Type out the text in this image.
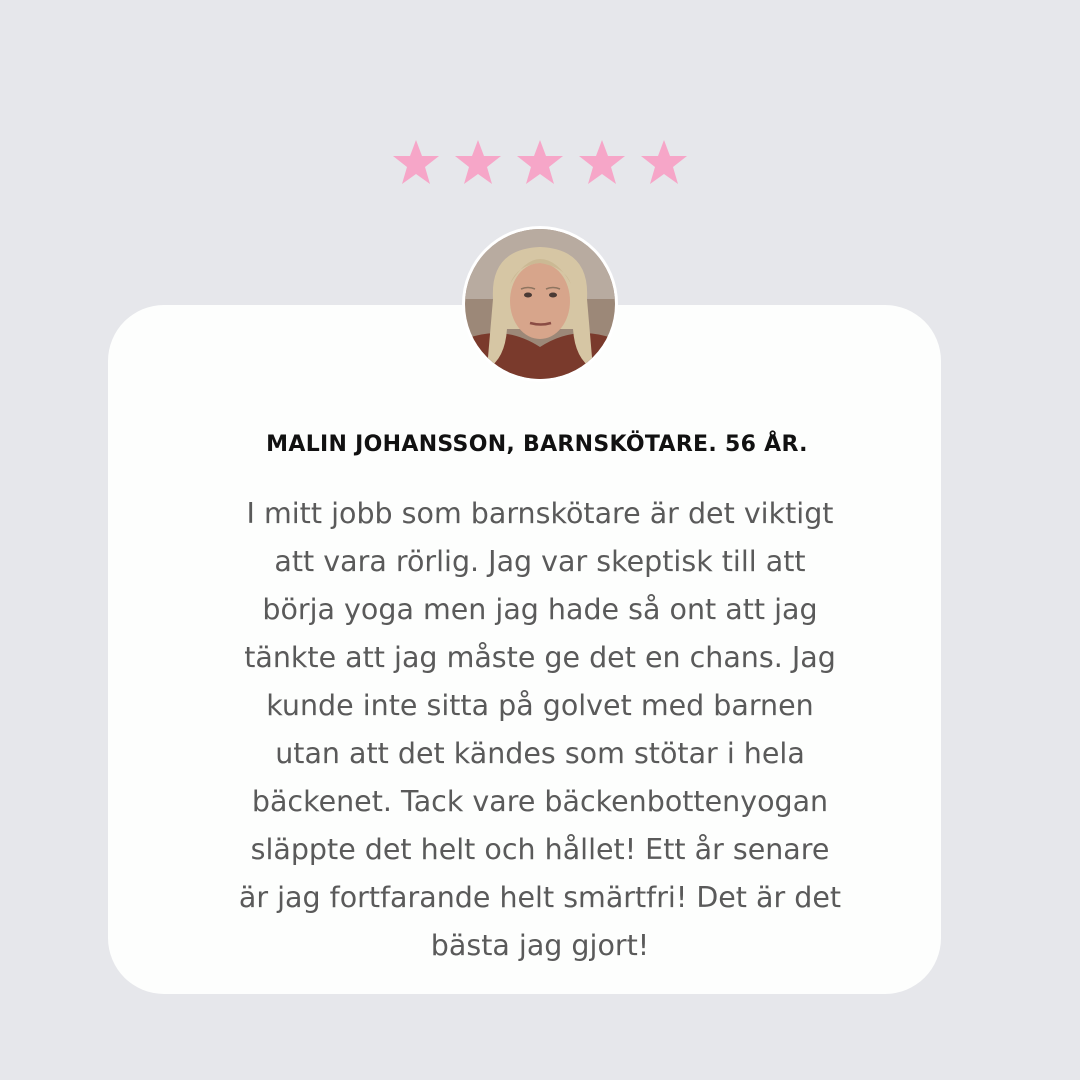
MALIN JOHANSSON, BARNSKÖTARE. 56 ÅR.
I mitt jobb som barnskötare är det viktigt
att vara rörlig. Jag var skeptisk till att
börja yoga men jag hade så ont att jag
tänkte att jag måste ge det en chans. Jag
kunde inte sitta på golvet med barnen
utan att det kändes som stötar i hela
bäckenet. Tack vare bäckenbottenyogan
släppte det helt och hållet! Ett år senare
är jag fortfarande helt smärtfri! Det är det
bästa jag gjort!
